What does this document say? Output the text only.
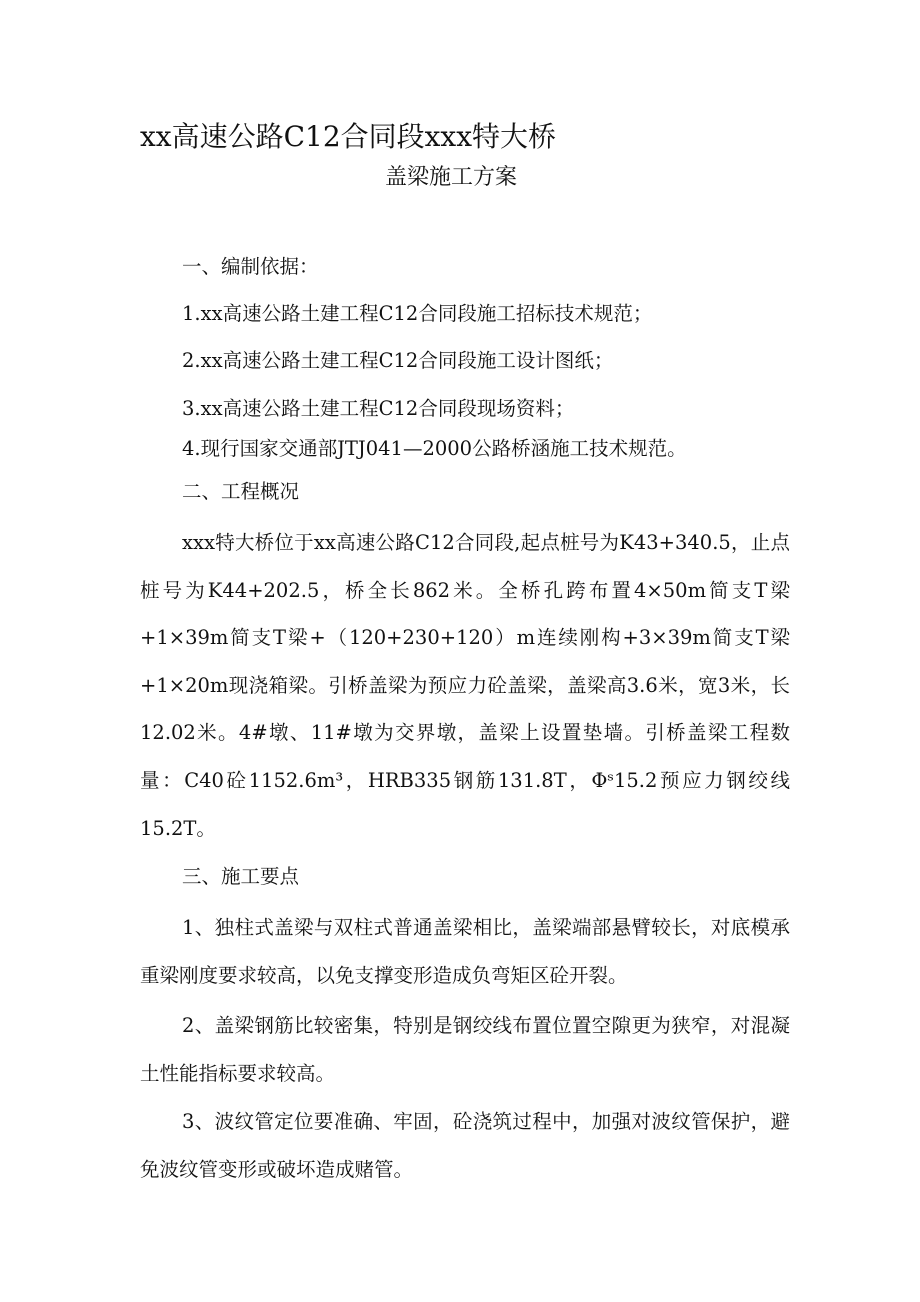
xx高速公路C12合同段xxx特大桥
盖梁施工方案
一、编制依据：
1.xx高速公路土建工程C12合同段施工招标技术规范；
2.xx高速公路土建工程C12合同段施工设计图纸；
3.xx高速公路土建工程C12合同段现场资料；
4.现行国家交通部JTJ041—2000公路桥涵施工技术规范。
二、工程概况
xxx特大桥位于xx高速公路C12合同段,起点桩号为K43+340.5，止点桩号为K44+202.5，桥全长862米。全桥孔跨布置4×50m简支T梁+1×39m简支T梁+（120+230+120）m连续刚构+3×39m简支T梁+1×20m现浇箱梁。引桥盖梁为预应力砼盖梁，盖梁高3.6米，宽3米，长12.02米。4#墩、11#墩为交界墩，盖梁上设置垫墙。引桥盖梁工程数量：C40砼1152.6m³，HRB335钢筋131.8T，Φˢ15.2预应力钢绞线15.2T。
三、施工要点
1、独柱式盖梁与双柱式普通盖梁相比，盖梁端部悬臂较长，对底模承重梁刚度要求较高，以免支撑变形造成负弯矩区砼开裂。
2、盖梁钢筋比较密集，特别是钢绞线布置位置空隙更为狭窄，对混凝土性能指标要求较高。
3、波纹管定位要准确、牢固，砼浇筑过程中，加强对波纹管保护，避免波纹管变形或破坏造成赌管。
